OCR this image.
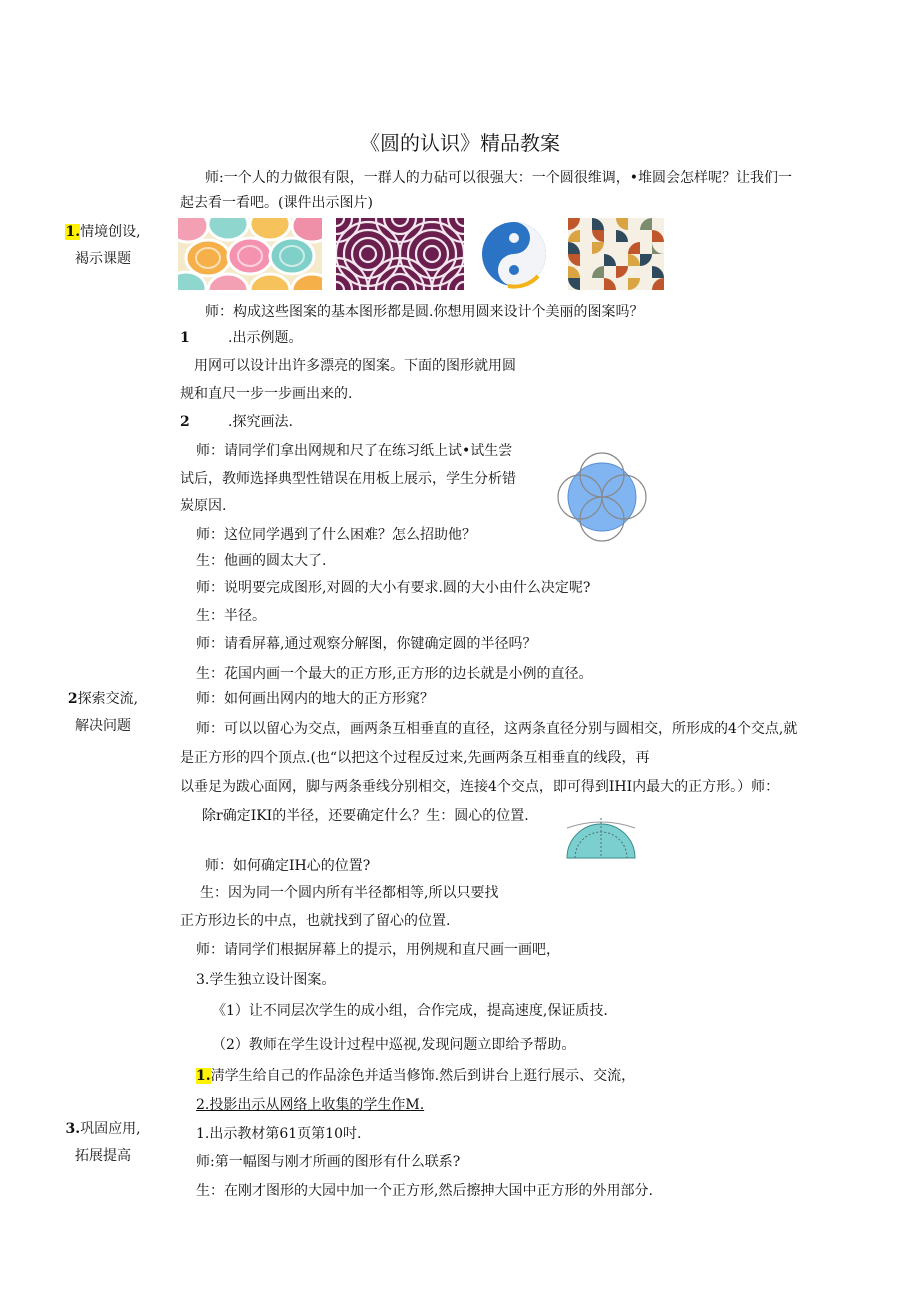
《圆的认识》精品教案
师:一个人的力做很有限，一群人的力砧可以很强大：一个圆很维调，•堆圆会怎样呢？让我们一
起去看一看吧。(课件出示图片)
1.情境创设,
褐示课题
2探索交流,
解决问题
3.巩固应用,
拓展提高
师：构成这些图案的基本图形都是圆.你想用圆来设计个美丽的图案吗？
1	.出示例题。
用网可以设计出许多漂亮的图案。下面的图形就用圆
规和直尺一步一步画出来的.
2	.探究画法.
师：请同学们拿出网规和尺了在练习纸上试•试生尝
试后，教师选择典型性错误在用板上展示，学生分析错
炭原因.
师：这位同学遇到了什么困难？怎么招助他？
生：他画的圆太大了.
师：说明要完成图形,对圆的大小有要求.圆的大小由什么决定呢?
生：半径。
师：请看屏幕,通过观察分解图，你键确定圆的半径吗？
生：花国内画一个最大的正方形,正方形的边长就是小例的直径。
师：如何画出网内的地大的正方形窕？
师：可以以留心为交点，画两条互相垂直的直径，这两条直径分别与圆相交，所形成的4个交点,就
是正方形的四个顶点.(也“以把这个过程反过来,先画两条互相垂直的线段，再
以垂足为跋心面网，脚与两条垂线分别相交，连接4个交点，即可得到IHI内最大的正方形。）师：
除r确定IKI的半径，还要确定什么？生：圆心的位置.
师：如何确定IH心的位置?
生：因为同一个圆内所有半径都相等,所以只要找
正方形边长的中点，也就找到了留心的位置.
师：请同学们根据屏幕上的提示，用例规和直尺画一画吧，
3.学生独立设计图案。
《1）让不同层次学生的成小组，合作完成，提高速度,保证质技.
（2）教师在学生设计过程中巡视,发现问题立即给予帮助。
1.淸学生给自己的作品涂色并适当修饰.然后到讲台上逛行展示、交流，
2.投影出示从网络上收集的学生作M.
1.出示教材第61页第10吋.
师:第一幅图与刚才所画的图形有什么联系?
生：在刚才图形的大园中加一个正方形,然后擦抻大国中正方形的外用部分.
